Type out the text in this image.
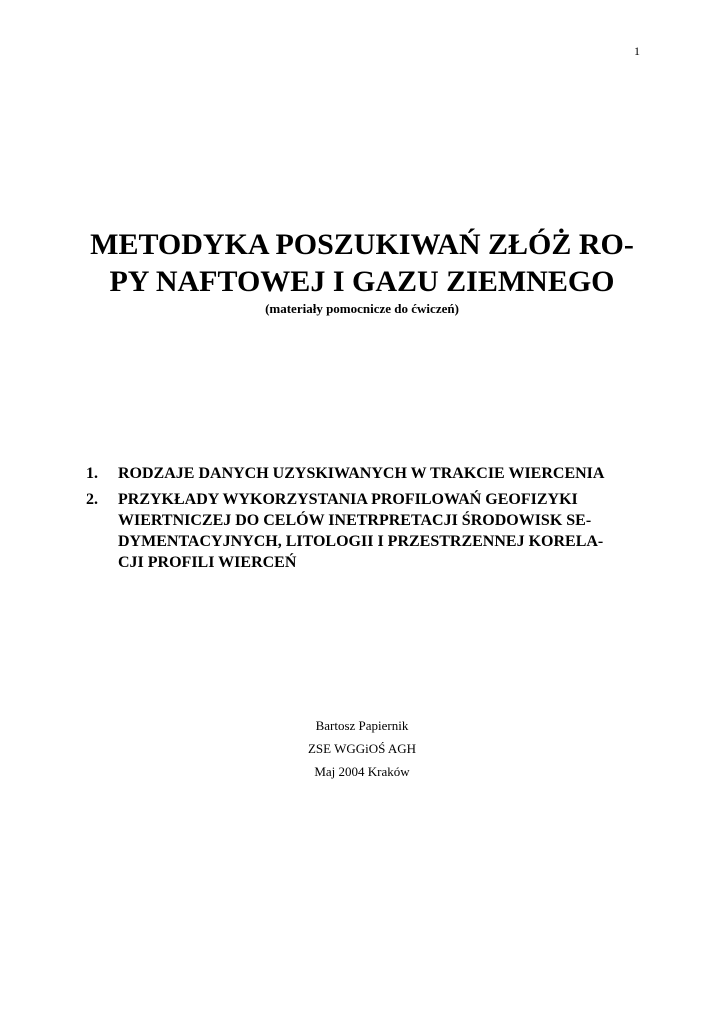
1
METODYKA POSZUKIWAŃ ZŁÓŻ RO-
PY NAFTOWEJ I GAZU ZIEMNEGO
(materiały pomocnicze do ćwiczeń)
1. RODZAJE DANYCH UZYSKIWANYCH W TRAKCIE WIERCENIA
2. PRZYKŁADY WYKORZYSTANIA PROFILOWAŃ GEOFIZYKI
WIERTNICZEJ DO CELÓW INETRPRETACJI ŚRODOWISK SE-
DYMENTACYJNYCH, LITOLOGII I PRZESTRZENNEJ KORELA-
CJI PROFILI WIERCEŃ
Bartosz Papiernik
ZSE WGGiOŚ AGH
Maj 2004 Kraków
